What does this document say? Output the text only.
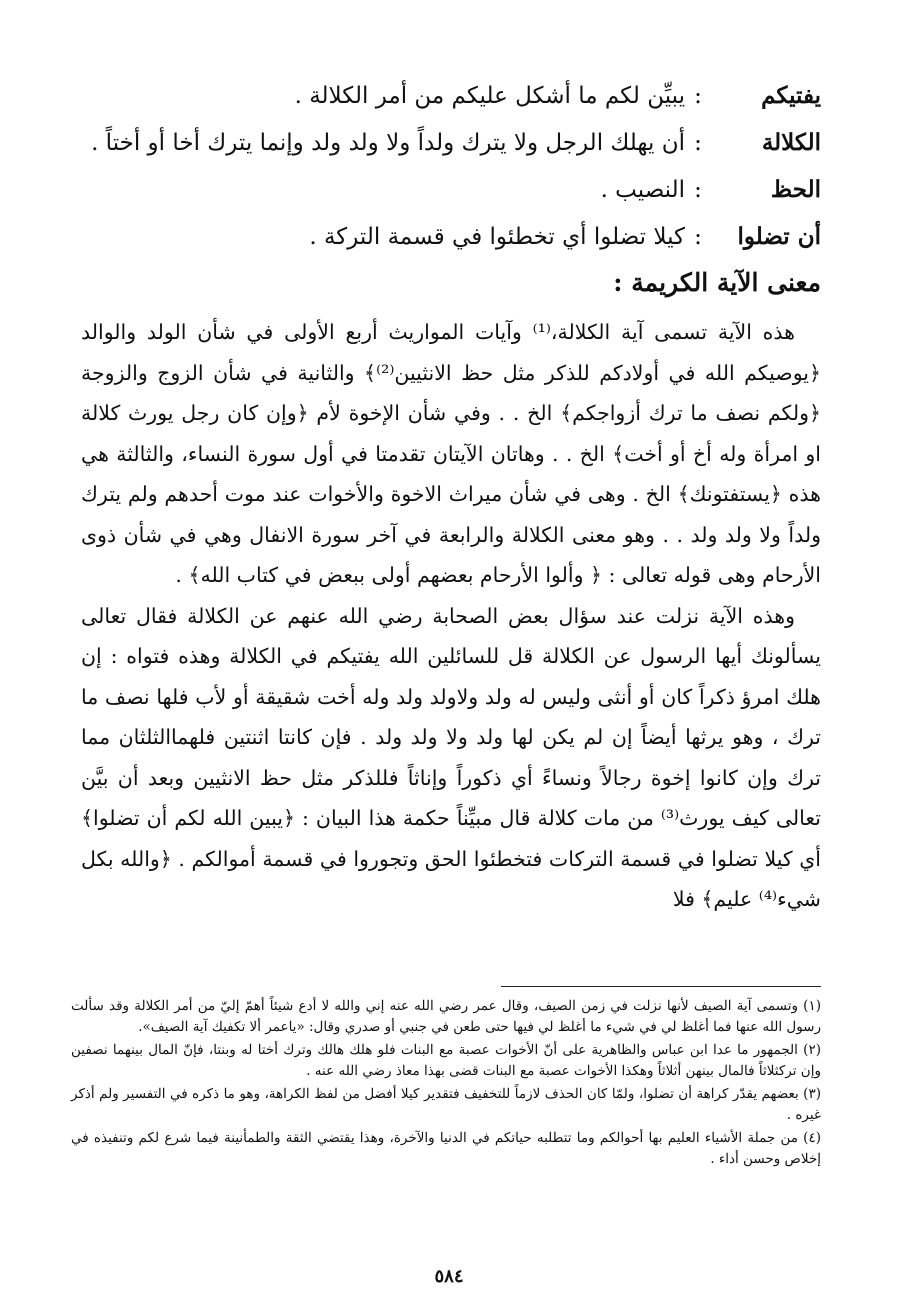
يفتيكم
:
يبيِّن لكم ما أشكل عليكم من أمر الكلالة .
الكلالة
:
أن يهلك الرجل ولا يترك ولداً ولا ولد ولد وإنما يترك أخا أو أختاً .
الحظ
:
النصيب .
أن تضلوا
:
كيلا تضلوا أي تخطئوا في قسمة التركة .
معنى الآية الكريمة :

هذه الآية تسمى آية الكلالة،⁽¹⁾ وآيات المواريث أربع الأولى في شأن الولد والوالد ﴿يوصيكم الله في أولادكم للذكر مثل حظ الانثيين⁽²⁾﴾ والثانية في شأن الزوج والزوجة ﴿ولكم نصف ما ترك أزواجكم﴾ الخ . . وفي شأن الإخوة لأم ﴿وإن كان رجل يورث كلالة او امرأة وله أخ أو أخت﴾ الخ . . وهاتان الآيتان تقدمتا في أول سورة النساء، والثالثة هي هذه ﴿يستفتونك﴾ الخ . وهى في شأن ميراث الاخوة والأخوات عند موت أحدهم ولم يترك ولداً ولا ولد ولد . . وهو معنى الكلالة والرابعة في آخر سورة الانفال وهي في شأن ذوى الأرحام وهى قوله تعالى : ﴿ وألوا الأرحام بعضهم أولى ببعض في كتاب الله﴾ .

وهذه الآية نزلت عند سؤال بعض الصحابة رضي الله عنهم عن الكلالة فقال تعالى يسألونك أيها الرسول عن الكلالة قل للسائلين الله يفتيكم في الكلالة وهذه فتواه : إن هلك امرؤ ذكراً كان أو أنثى وليس له ولد ولاولد ولد وله أخت شقيقة أو لأب فلها نصف ما ترك ، وهو يرثها أيضاً إن لم يكن لها ولد ولا ولد ولد . فإن كانتا اثنتين فلهماالثلثان مما ترك وإن كانوا إخوة رجالاً ونساءً أي ذكوراً وإناثاً فللذكر مثل حظ الانثيين وبعد أن بيَّن تعالى كيف يورث⁽³⁾ من مات كلالة قال مبيِّناً حكمة هذا البيان : ﴿يبين الله لكم أن تضلوا﴾ أي كيلا تضلوا في قسمة التركات فتخطئوا الحق وتجوروا في قسمة أموالكم . ﴿والله بكل شيء⁽⁴⁾ عليم﴾ فلا

(١) وتسمى آية الصيف لأنها نزلت في زمن الصيف، وقال عمر رضي الله عنه إني والله لا أدع شيئاً أهمّ إليّ من أمر الكلالة وقد سألت رسول الله عنها فما أغلظ لي في شيء ما أغلظ لي فيها حتى طعن في جنبي أو صدري وقال: «ياعمر ألا تكفيك آية الصيف».

(٢) الجمهور ما عدا ابن عباس والظاهرية على أنّ الأخوات عصبة مع البنات فلو هلك هالك وترك أختا له وبنتا، فإنّ المال بينهما نصفين وإن تركثلاثاً فالمال بينهن أثلاثاً وهكذا الأخوات عصبة مع البنات قضى بهذا معاذ رضي الله عنه .

(٣) بعضهم يقدّر كراهة أن تضلوا، ولمّا كان الحذف لازماً للتخفيف فتقدير كيلا أفضل من لفظ الكراهة، وهو ما ذكره في التفسير ولم أذكر غيره .

(٤) من جملة الأشياء العليم بها أحوالكم وما تتطلبه حياتكم في الدنيا والآخرة، وهذا يقتضي الثقة والطمأنينة فيما شرع لكم وتنفيذه في إخلاص وحسن أداء .

٥٨٤
